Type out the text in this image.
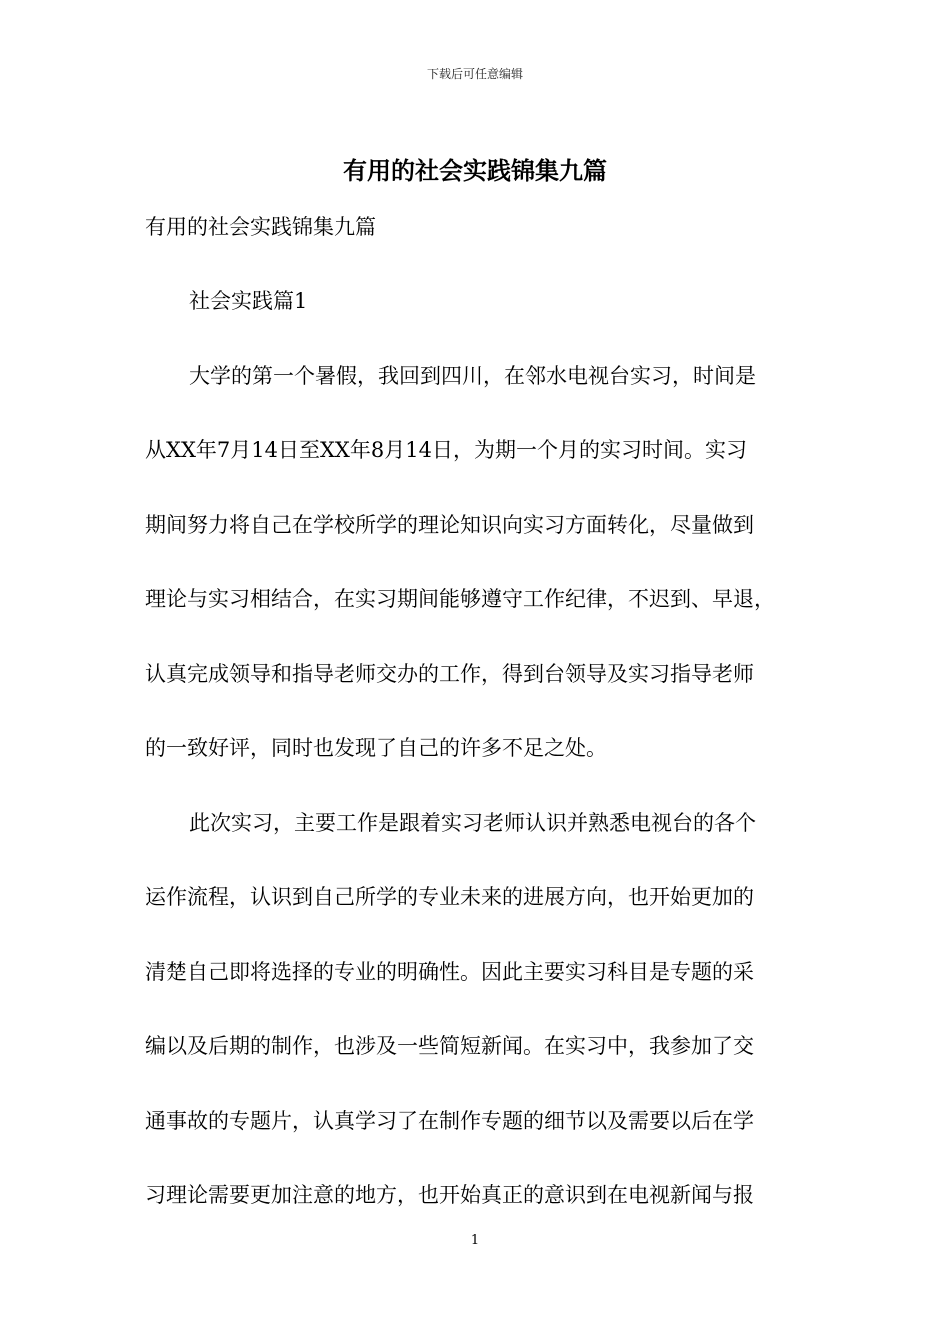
下载后可任意编辑
有用的社会实践锦集九篇

有用的社会实践锦集九篇

社会实践篇1

大学的第一个暑假，我回到四川，在邻水电视台实习，时间是

从XX年7月14日至XX年8月14日，为期一个月的实习时间。实习

期间努力将自己在学校所学的理论知识向实习方面转化，尽量做到

理论与实习相结合，在实习期间能够遵守工作纪律，不迟到、早退，

认真完成领导和指导老师交办的工作，得到台领导及实习指导老师

的一致好评，同时也发现了自己的许多不足之处。

此次实习，主要工作是跟着实习老师认识并熟悉电视台的各个

运作流程，认识到自己所学的专业未来的进展方向，也开始更加的

清楚自己即将选择的专业的明确性。因此主要实习科目是专题的采

编以及后期的制作，也涉及一些简短新闻。在实习中，我参加了交

通事故的专题片，认真学习了在制作专题的细节以及需要以后在学

习理论需要更加注意的地方，也开始真正的意识到在电视新闻与报

1
